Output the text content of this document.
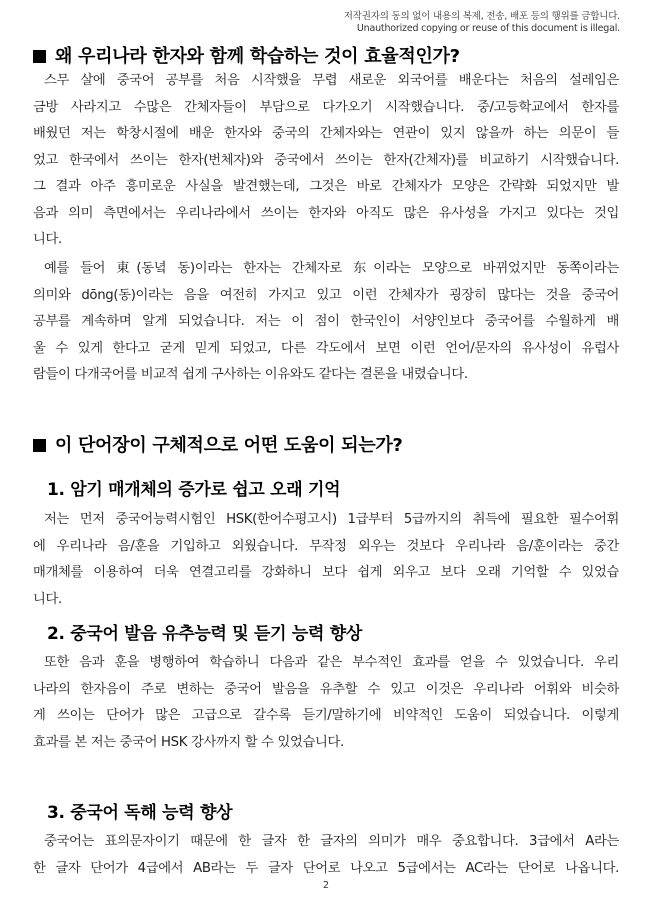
저작권자의 동의 없이 내용의 복제, 전송, 배포 등의 행위를 금합니다.
Unauthorized copying or reuse of this document is illegal.
왜 우리나라 한자와 함께 학습하는 것이 효율적인가?
스무 살에 중국어 공부를 처음 시작했을 무렵 새로운 외국어를 배운다는 처음의 설레임은
금방 사라지고 수많은 간체자들이 부담으로 다가오기 시작했습니다. 중/고등학교에서 한자를
배웠던 저는 학창시절에 배운 한자와 중국의 간체자와는 연관이 있지 않을까 하는 의문이 들
었고 한국에서 쓰이는 한자(번체자)와 중국에서 쓰이는 한자(간체자)를 비교하기 시작했습니다.
그 결과 아주 흥미로운 사실을 발견했는데, 그것은 바로 간체자가 모양은 간략화 되었지만 발
음과 의미 측면에서는 우리나라에서 쓰이는 한자와 아직도 많은 유사성을 가지고 있다는 것입
니다.
예를 들어 東(동녘 동)이라는 한자는 간체자로 东이라는 모양으로 바뀌었지만 동쪽이라는
의미와 dōng(동)이라는 음을 여전히 가지고 있고 이런 간체자가 굉장히 많다는 것을 중국어
공부를 계속하며 알게 되었습니다. 저는 이 점이 한국인이 서양인보다 중국어를 수월하게 배
울 수 있게 한다고 굳게 믿게 되었고, 다른 각도에서 보면 이런 언어/문자의 유사성이 유럽사
람들이 다개국어를 비교적 쉽게 구사하는 이유와도 같다는 결론을 내렸습니다.
이 단어장이 구체적으로 어떤 도움이 되는가?
1. 암기 매개체의 증가로 쉽고 오래 기억
저는 먼저 중국어능력시험인 HSK(한어수평고시) 1급부터 5급까지의 취득에 필요한 필수어휘
에 우리나라 음/훈을 기입하고 외웠습니다. 무작정 외우는 것보다 우리나라 음/훈이라는 중간
매개체를 이용하여 더욱 연결고리를 강화하니 보다 쉽게 외우고 보다 오래 기억할 수 있었습
니다.
2. 중국어 발음 유추능력 및 듣기 능력 향상
또한 음과 훈을 병행하여 학습하니 다음과 같은 부수적인 효과를 얻을 수 있었습니다. 우리
나라의 한자음이 주로 변하는 중국어 발음을 유추할 수 있고 이것은 우리나라 어휘와 비슷하
게 쓰이는 단어가 많은 고급으로 갈수록 듣기/말하기에 비약적인 도움이 되었습니다. 이렇게
효과를 본 저는 중국어 HSK 강사까지 할 수 있었습니다.
3. 중국어 독해 능력 향상
중국어는 표의문자이기 때문에 한 글자 한 글자의 의미가 매우 중요합니다. 3급에서 A라는
한 글자 단어가 4급에서 AB라는 두 글자 단어로 나오고 5급에서는 AC라는 단어로 나옵니다.
2
